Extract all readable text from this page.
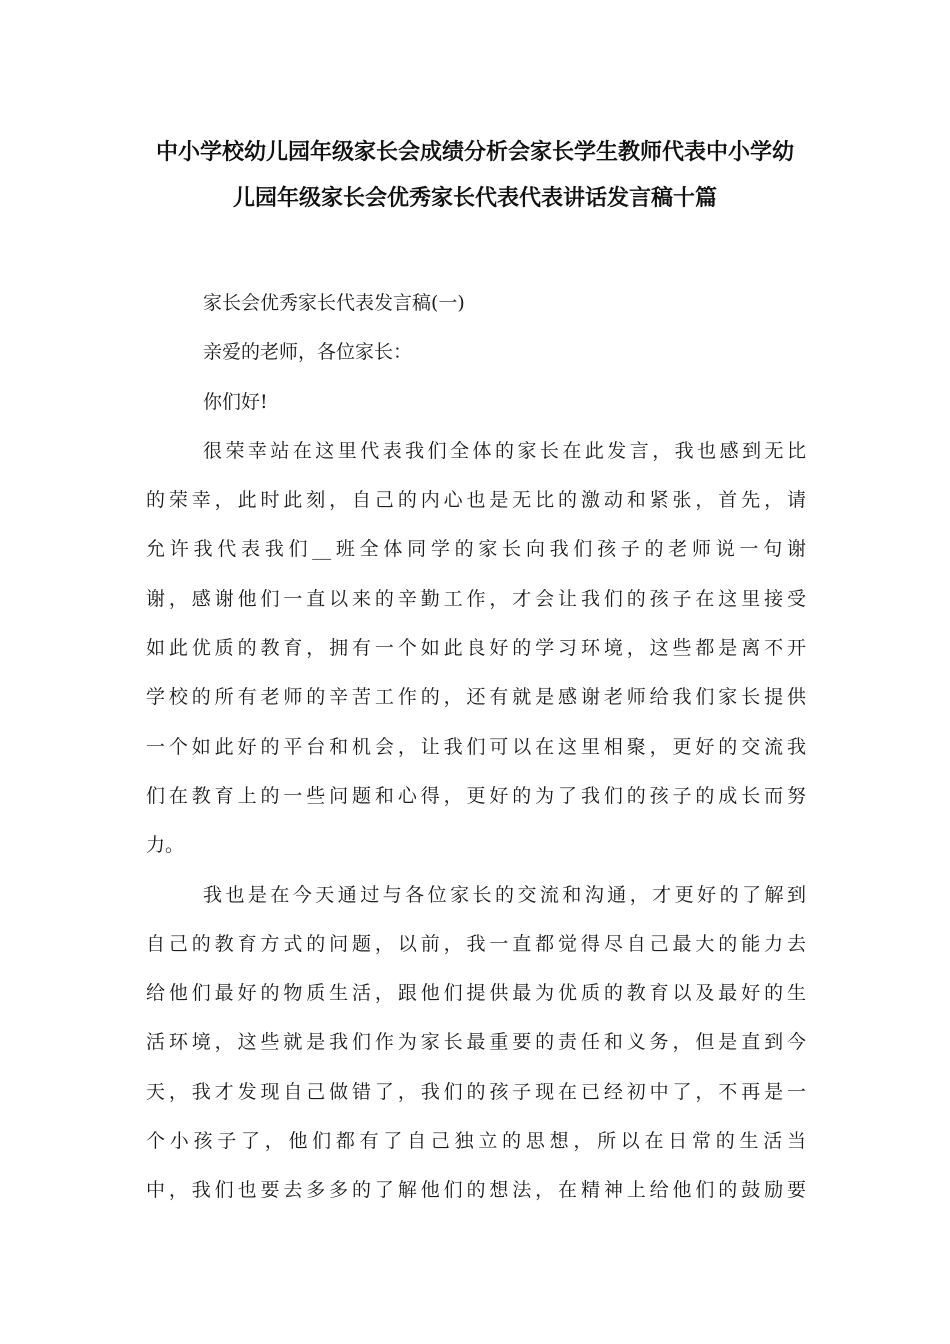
中小学校幼儿园年级家长会成绩分析会家长学生教师代表中小学幼
儿园年级家长会优秀家长代表代表讲话发言稿十篇
家长会优秀家长代表发言稿(一)
亲爱的老师，各位家长：
你们好!
很荣幸站在这里代表我们全体的家长在此发言，我也感到无比
的荣幸，此时此刻，自己的内心也是无比的激动和紧张，首先，请
允许我代表我们__班全体同学的家长向我们孩子的老师说一句谢
谢，感谢他们一直以来的辛勤工作，才会让我们的孩子在这里接受
如此优质的教育，拥有一个如此良好的学习环境，这些都是离不开
学校的所有老师的辛苦工作的，还有就是感谢老师给我们家长提供
一个如此好的平台和机会，让我们可以在这里相聚，更好的交流我
们在教育上的一些问题和心得，更好的为了我们的孩子的成长而努
力。
我也是在今天通过与各位家长的交流和沟通，才更好的了解到
自己的教育方式的问题，以前，我一直都觉得尽自己最大的能力去
给他们最好的物质生活，跟他们提供最为优质的教育以及最好的生
活环境，这些就是我们作为家长最重要的责任和义务，但是直到今
天，我才发现自己做错了，我们的孩子现在已经初中了，不再是一
个小孩子了，他们都有了自己独立的思想，所以在日常的生活当
中，我们也要去多多的了解他们的想法，在精神上给他们的鼓励要
